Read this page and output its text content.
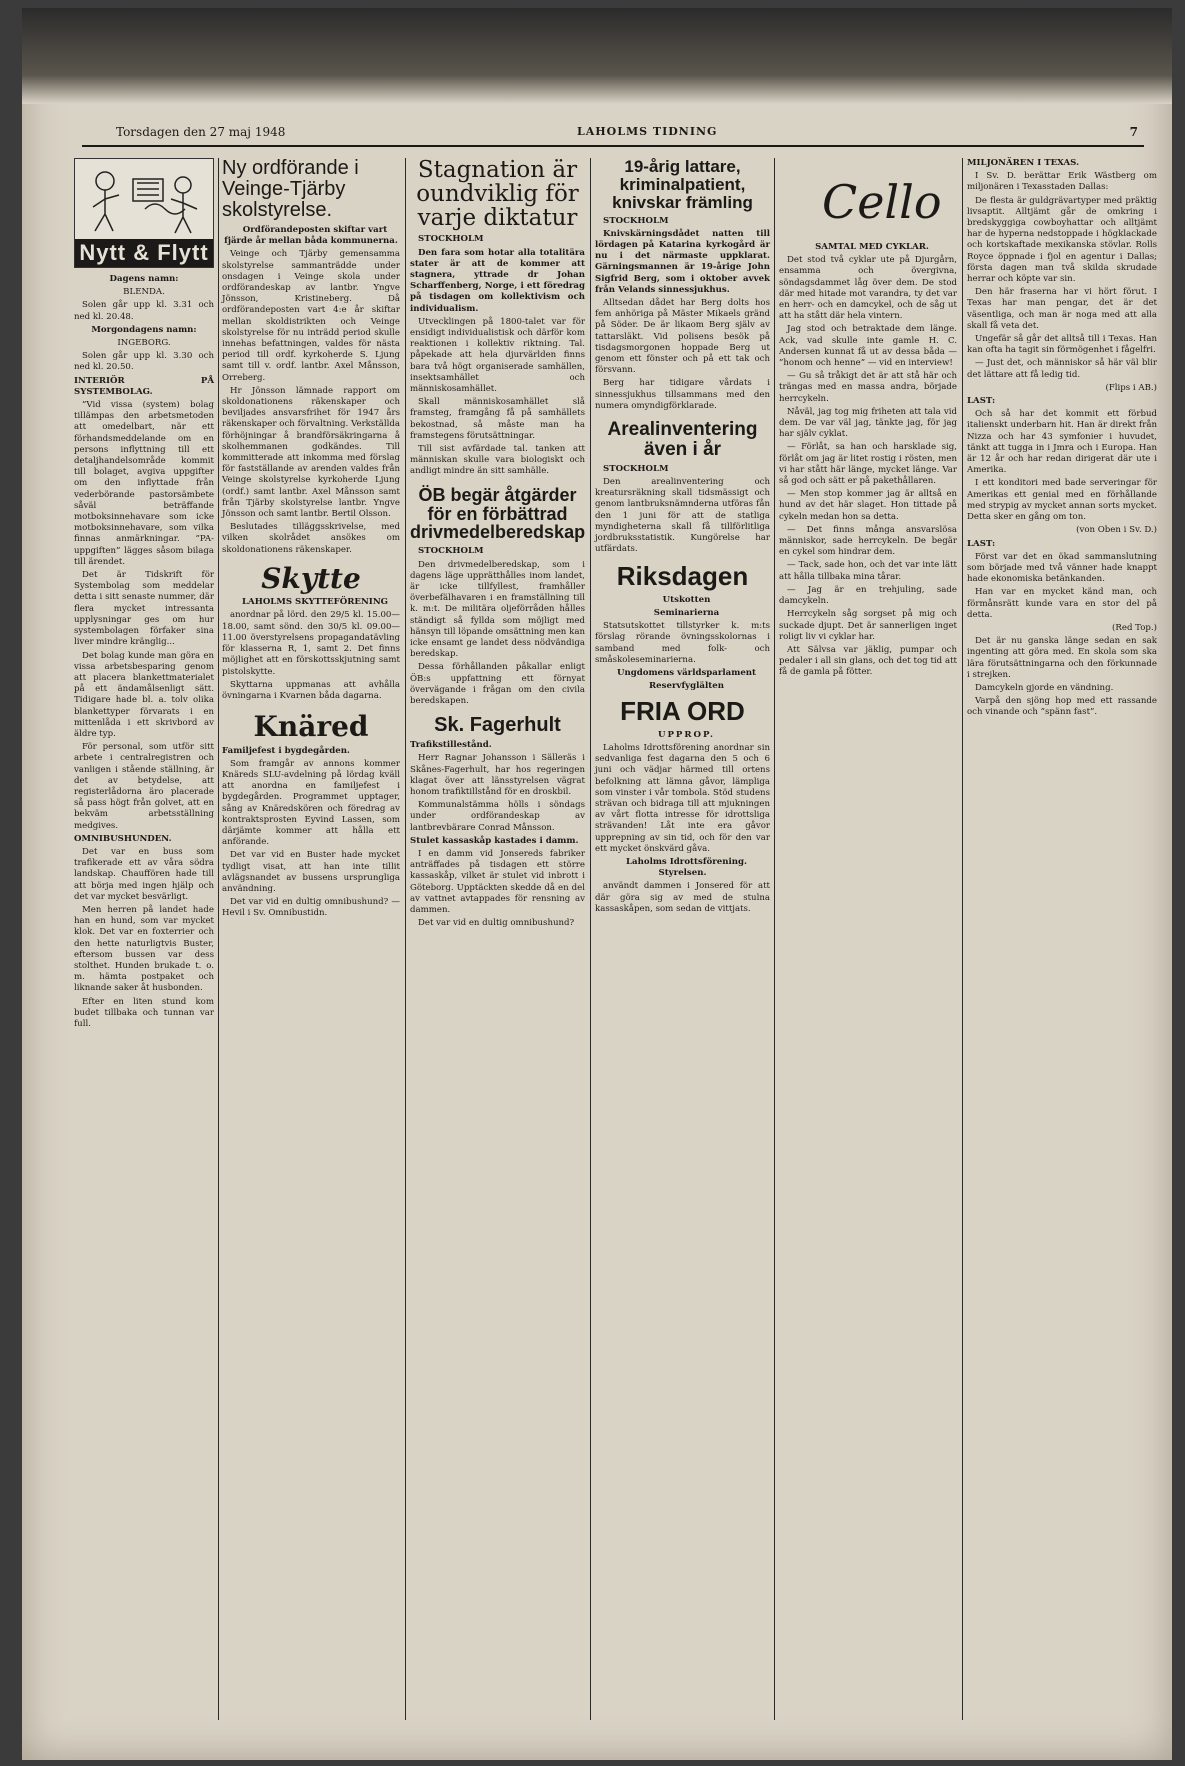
Torsdagen den 27 maj 1948	LAHOLMS TIDNING	7
Nytt & Flytt

Dagens namn:

BLENDA.

Solen går upp kl. 3.31 och ned kl. 20.48.

Morgondagens namn:

INGEBORG.

Solen går upp kl. 3.30 och ned kl. 20.50.

INTERIÖR PÅ SYSTEMBOLAG.

”Vid vissa (system) bolag tillämpas den arbetsmetoden att omedelbart, när ett förhandsmeddelande om en persons inflyttning till ett detaljhandelsområde kommit till bolaget, avgiva uppgifter om den inflyttade från vederbörande pastorsämbete såväl beträffande motboksinnehavare som icke motboksinnehavare, som vilka finnas anmärkningar. ”PA-uppgiften” lägges såsom bilaga till ärendet.

Det är Tidskrift för Systembolag som meddelar detta i sitt senaste nummer, där flera mycket intressanta upplysningar ges om hur systembolagen förfaker sina liver mindre kränglig...

Det bolag kunde man göra en vissa arbetsbesparing genom att placera blankettmaterialet på ett ändamålsenligt sätt. Tidigare hade bl. a. tolv olika blankettyper förvarats i en mittenlåda i ett skrivbord av äldre typ.

För personal, som utför sitt arbete i centralregistren och vanligen i stående ställning, är det av betydelse, att registerlådorna äro placerade så pass högt från golvet, att en bekväm arbetsställning medgives.

OMNIBUSHUNDEN.

Det var en buss som trafikerade ett av våra södra landskap. Chauffören hade till att börja med ingen hjälp och det var mycket besvärligt.

Men herren på landet hade han en hund, som var mycket klok. Det var en foxterrier och den hette naturligtvis Buster, eftersom bussen var dess stolthet. Hunden brukade t. o. m. hämta postpaket och liknande saker åt husbonden.

Efter en liten stund kom budet tillbaka och tunnan var full.

Ny ordförande i Veinge-Tjärby skolstyrelse.

Ordförandeposten skiftar vart fjärde år mellan båda kommunerna.

Veinge och Tjärby gemensamma skolstyrelse sammanträdde under onsdagen i Veinge skola under ordförandeskap av lantbr. Yngve Jönsson, Kristineberg. Då ordförandeposten vart 4:e år skiftar mellan skoldistrikten och Veinge skolstyrelse för nu inträdd period skulle innehas befattningen, valdes för nästa period till ordf. kyrkoherde S. Ljung samt till v. ordf. lantbr. Axel Månsson, Orreberg.

Hr Jönsson lämnade rapport om skoldonationens räkenskaper och beviljades ansvarsfrihet för 1947 års räkenskaper och förvaltning. Verkställda förhöjningar å brandförsäkringarna å skolhemmanen godkändes. Till kommitterade att inkomma med förslag för fastställande av arenden valdes från Veinge skolstyrelse kyrkoherde Ljung (ordf.) samt lantbr. Axel Månsson samt från Tjärby skolstyrelse lantbr. Yngve Jönsson och samt lantbr. Bertil Olsson.

Beslutades tilläggsskrivelse, med vilken skolrådet ansökes om skoldonationens räkenskaper.

Skytte

LAHOLMS SKYTTEFÖRENING

anordnar på lörd. den 29/5 kl. 15.00—18.00, samt sönd. den 30/5 kl. 09.00—11.00 överstyrelsens propagandatävling för klasserna R, 1, samt 2. Det finns möjlighet att en förskottsskjutning samt pistolskytte.

Skyttarna uppmanas att avhålla övningarna i Kvarnen båda dagarna.

Knäred

Familjefest i bygdegården.

Som framgår av annons kommer Knäreds SLU-avdelning på lördag kväll att anordna en familjefest i bygdegården. Programmet upptager, sång av Knäredskören och föredrag av kontraktsprosten Eyvind Lassen, som därjämte kommer att hålla ett anförande.

Det var vid en Buster hade mycket tydligt visat, att han inte tillit avlägsnandet av bussens ursprungliga användning.

Det var vid en dultig omnibushund? — Hevil i Sv. Omnibustidn.

Stagnation är oundviklig för varje diktatur

STOCKHOLM

Den fara som hotar alla totalitära stater är att de kommer att stagnera, yttrade dr Johan Scharffenberg, Norge, i ett föredrag på tisdagen om kollektivism och individualism.

Utvecklingen på 1800-talet var för ensidigt individualistisk och därför kom reaktionen i kollektiv riktning. Tal. påpekade att hela djurvärlden finns bara två högt organiserade samhällen, insektsamhället och människosamhället.

Skall människosamhället slå framsteg, framgång få på samhällets bekostnad, så måste man ha framstegens förutsättningar.

Till sist avfärdade tal. tanken att människan skulle vara biologiskt och andligt mindre än sitt samhälle.

ÖB begär åtgärder för en förbättrad drivmedelberedskap

STOCKHOLM

Den drivmedelberedskap, som i dagens läge upprätthålles inom landet, är icke tillfyllest, framhåller överbefälhavaren i en framställning till k. m:t. De militära oljeförråden hålles ständigt så fyllda som möjligt med hänsyn till löpande omsättning men kan icke ensamt ge landet dess nödvändiga beredskap.

Dessa förhållanden påkallar enligt ÖB:s uppfattning ett förnyat övervägande i frågan om den civila beredskapen.

Sk. Fagerhult

Trafikstillestånd.

Herr Ragnar Johansson i Sälleräs i Skånes-Fagerhult, har hos regeringen klagat över att länsstyrelsen vägrat honom trafiktillstånd för en droskbil.

Kommunalstämma hölls i söndags under ordförandeskap av lantbrevbärare Conrad Månsson.

Stulet kassaskåp kastades i damm.

I en damm vid Jonsereds fabriker anträffades på tisdagen ett större kassaskåp, vilket är stulet vid inbrott i Göteborg. Upptäckten skedde då en del av vattnet avtappades för rensning av dammen.

Det var vid en dultig omnibushund?

19-årig lattare, kriminalpatient, knivskar främling

STOCKHOLM

Knivskärningsdådet natten till lördagen på Katarina kyrkogård är nu i det närmaste uppklarat. Gärningsmannen är 19-årige John Sigfrid Berg, som i oktober avvek från Velands sinnessjukhus.

Alltsedan dådet har Berg dolts hos fem anhöriga på Mäster Mikaels gränd på Söder. De är likaom Berg själv av tattarsläkt. Vid polisens besök på tisdagsmorgonen hoppade Berg ut genom ett fönster och på ett tak och försvann.

Berg har tidigare vårdats i sinnessjukhus tillsammans med den numera omyndigförklarade.

Arealinventering även i år

STOCKHOLM

Den arealinventering och kreatursräkning skall tidsmässigt och genom lantbruksnämnderna utföras fån den 1 juni för att de statliga myndigheterna skall få tillförlitliga jordbruksstatistik. Kungörelse har utfärdats.

Riksdagen

Utskotten

Seminarierna

Statsutskottet tillstyrker k. m:ts förslag rörande övningsskolornas i samband med folk- och småskoleseminarierna.

Ungdomens världsparlament

Reservfyglälten

FRIA ORD

UPPROP.

Laholms Idrottsförening anordnar sin sedvanliga fest dagarna den 5 och 6 juni och vädjar härmed till ortens befolkning att lämna gåvor, lämpliga som vinster i vår tombola. Stöd studens strävan och bidraga till att mjukningen av vårt flotta intresse för idrottsliga strävanden! Låt inte era gåvor upprepning av sin tid, och för den var ett mycket önskvärd gåva.

Laholms Idrottsförening. Styrelsen.

användt dammen i Jonsered för att där göra sig av med de stulna kassaskåpen, som sedan de vittjats.

Cello

SAMTAL MED CYKLAR.

Det stod två cyklar ute på Djurgårn, ensamma och övergivna, söndagsdammet låg över dem. De stod där med hitade mot varandra, ty det var en herr- och en damcykel, och de såg ut att ha stått där hela vintern.

Jag stod och betraktade dem länge. Ack, vad skulle inte gamle H. C. Andersen kunnat få ut av dessa båda — ”honom och henne” — vid en interview!

— Gu så tråkigt det är att stå här och trängas med en massa andra, började herrcykeln.

Nåväl, jag tog mig friheten att tala vid dem. De var väl jag, tänkte jag, för jag har själv cyklat.

— Förlåt, sa han och harsklade sig, förlåt om jag är litet rostig i rösten, men vi har stått här länge, mycket länge. Var så god och sätt er på pakethållaren.

— Men stop kommer jag är alltså en hund av det här slaget. Hon tittade på cykeln medan hon sa detta.

— Det finns många ansvarslösa människor, sade herrcykeln. De begär en cykel som hindrar dem.

— Tack, sade hon, och det var inte lätt att hålla tillbaka mina tårar.

— Jag är en trehjuling, sade damcykeln.

Herrcykeln såg sorgset på mig och suckade djupt. Det är sannerligen inget roligt liv vi cyklar har.

Att Sälvsa var jäklig, pumpar och pedaler i all sin glans, och det tog tid att få de gamla på fötter.

MILJONÄREN I TEXAS.

I Sv. D. berättar Erik Wästberg om miljonären i Texasstaden Dallas:

De flesta är guldgrävartyper med präktig livsaptit. Alltjämt går de omkring i bredskyggiga cowboyhattar och alltjämt har de hyperna nedstoppade i högklackade och kortskaftade mexikanska stövlar. Rolls Royce öppnade i fjol en agentur i Dallas; första dagen man två skilda skrudade herrar och köpte var sin.

Den här fraserna har vi hört förut. I Texas har man pengar, det är det väsentliga, och man är noga med att alla skall få veta det.

Ungefär så går det alltså till i Texas. Han kan ofta ha tagit sin förmögenhet i fågelfri.

— Just det, och människor så här väl blir det lättare att få ledig tid.

(Flips i AB.)

LAST:

Och så har det kommit ett förbud italienskt underbarn hit. Han är direkt från Nizza och har 43 symfonier i huvudet, tänkt att tugga in i Jmra och i Europa. Han är 12 år och har redan dirigerat där ute i Amerika.

I ett konditori med bade serveringar för Amerikas ett genial med en förhållande med strypig av mycket annan sorts mycket. Detta sker en gång om ton.

(von Oben i Sv. D.)

LAST:

Först var det en ökad sammanslutning som började med två vänner hade knappt hade ekonomiska betänkanden.

Han var en mycket känd man, och förmånsrätt kunde vara en stor del på detta.

(Red Top.)

Det är nu ganska länge sedan en sak ingenting att göra med. En skola som ska lära förutsättningarna och den förkunnade i strejken.

Damcykeln gjorde en vändning.

Varpå den sjöng hop med ett rassande och vinande och ”spänn fast”.
